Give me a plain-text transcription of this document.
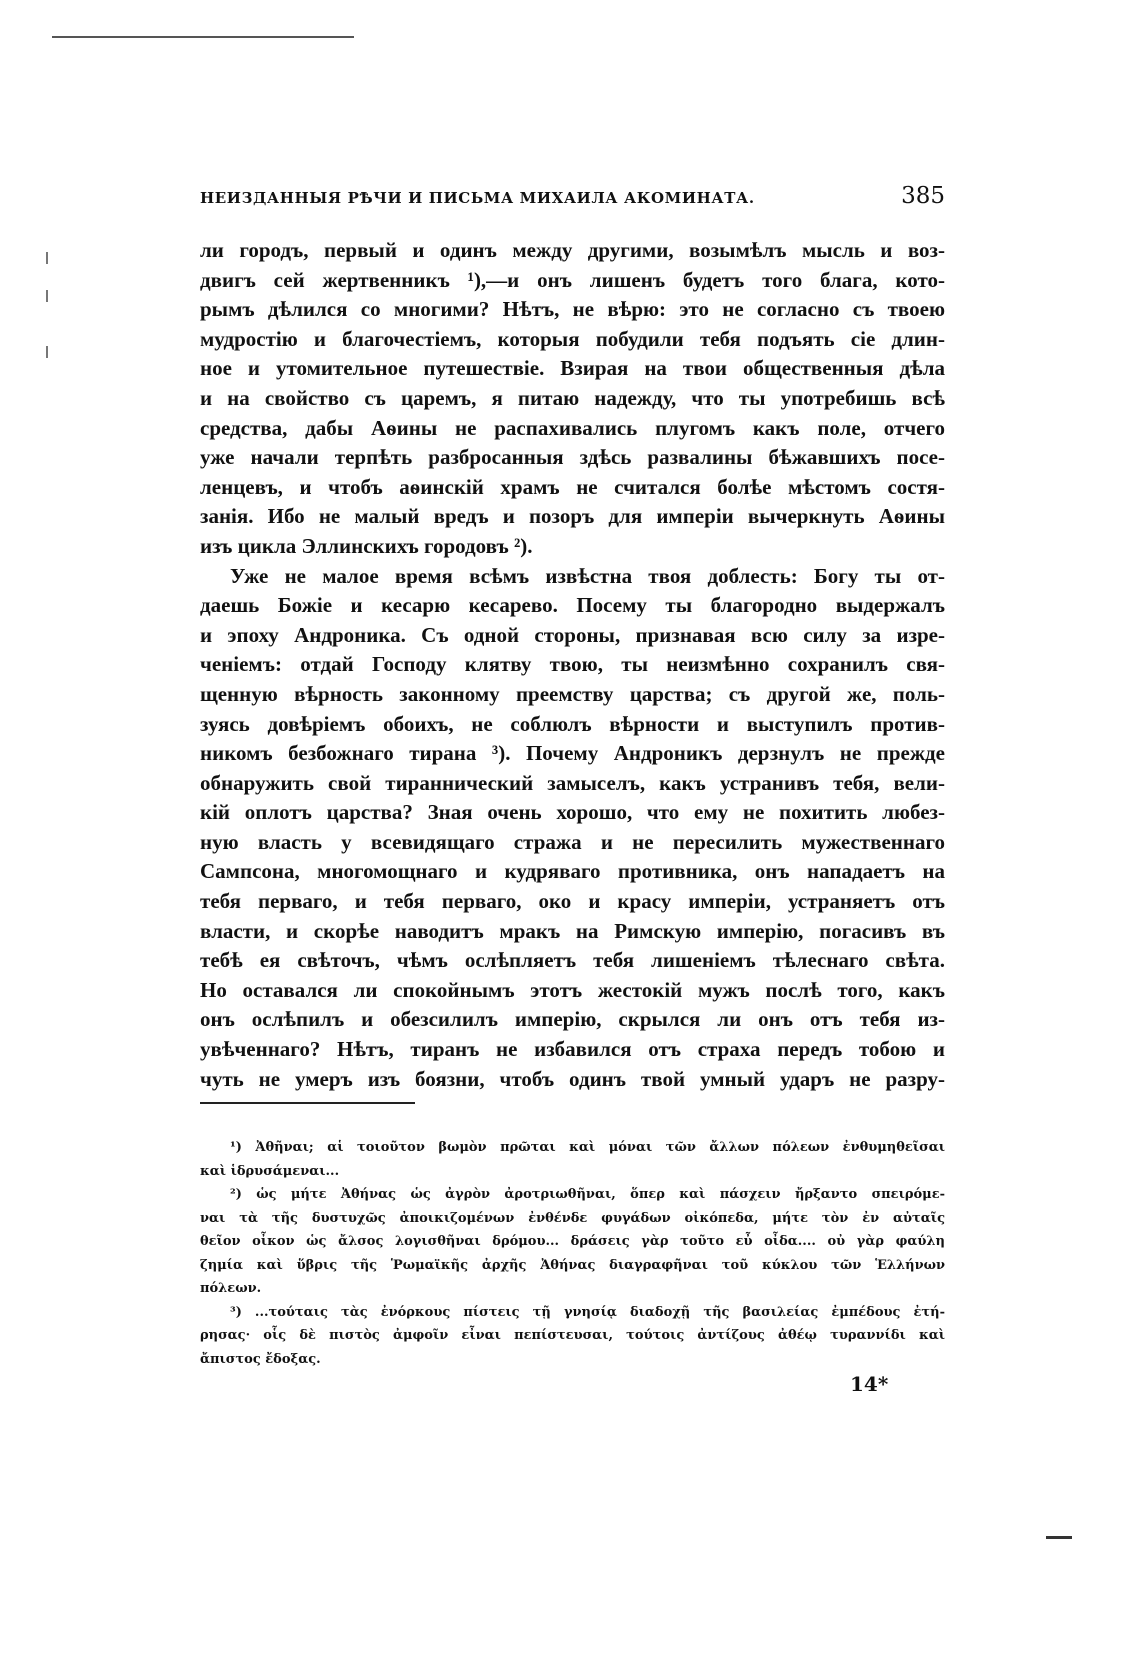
НЕИЗДАННЫЯ РѢЧИ И ПИСЬМА МИХАИЛА АКОМИНАТА.	385
ли городъ, первый и одинъ между другими, возымѣлъ мысль и воз-
двигъ сей жертвенникъ ¹),—и онъ лишенъ будетъ того блага, кото-
рымъ дѣлился со многими? Нѣтъ, не вѣрю: это не согласно съ твоею
мудростію и благочестіемъ, которыя побудили тебя подъять сіе длин-
ное и утомительное путешествіе. Взирая на твои общественныя дѣла
и на свойство съ царемъ, я питаю надежду, что ты употребишь всѣ
средства, дабы Аѳины не распахивались плугомъ какъ поле, отчего
уже начали терпѣть разбросанныя здѣсь развалины бѣжавшихъ посе-
ленцевъ, и чтобъ аѳинскій храмъ не считался болѣе мѣстомъ состя-
занія. Ибо не малый вредъ и позоръ для имперіи вычеркнуть Аѳины
изъ цикла Эллинскихъ городовъ ²).
Уже не малое время всѣмъ извѣстна твоя доблесть: Богу ты от-
даешь Божіе и кесарю кесарево. Посему ты благородно выдержалъ
и эпоху Андроника. Съ одной стороны, признавая всю силу за изре-
ченіемъ: отдай Господу клятву твою, ты неизмѣнно сохранилъ свя-
щенную вѣрность законному преемству царства; съ другой же, поль-
зуясь довѣріемъ обоихъ, не соблюлъ вѣрности и выступилъ против-
никомъ безбожнаго тирана ³). Почему Андроникъ дерзнулъ не прежде
обнаружить свой тираннический замыселъ, какъ устранивъ тебя, вели-
кій оплотъ царства? Зная очень хорошо, что ему не похитить любез-
ную власть у всевидящаго стража и не пересилить мужественнаго
Сампсона, многомощнаго и кудряваго противника, онъ нападаетъ на
тебя перваго, и тебя перваго, око и красу имперіи, устраняетъ отъ
власти, и скорѣе наводитъ мракъ на Римскую имперію, погасивъ въ
тебѣ ея свѣточъ, чѣмъ ослѣпляетъ тебя лишеніемъ тѣлеснаго свѣта.
Но оставался ли спокойнымъ этотъ жестокій мужъ послѣ того, какъ
онъ ослѣпилъ и обезсилилъ имперію, скрылся ли онъ отъ тебя из-
увѣченнаго? Нѣтъ, тиранъ не избавился отъ страха передъ тобою и
чуть не умеръ изъ боязни, чтобъ одинъ твой умный ударъ не разру-
¹) Ἀθῆναι; αἱ τοιοῦτον βωμὸν πρῶται καὶ μόναι τῶν ἄλλων πόλεων ἐνθυμηθεῖσαι
καὶ ἱδρυσάμεναι...
²) ὡς μήτε Ἀθήνας ὡς ἀγρὸν ἀροτριωθῆναι, ὅπερ καὶ πάσχειν ἤρξαντο σπειρόμε-
ναι τὰ τῆς δυστυχῶς ἀποικιζομένων ἐνθένδε φυγάδων οἰκόπεδα, μήτε τὸν ἐν αὐταῖς
θεῖον οἶκον ὡς ἄλσος λογισθῆναι δρόμου... δράσεις γὰρ τοῦτο εὖ οἶδα.... οὐ γὰρ φαύλη
ζημία καὶ ὕβρις τῆς Ῥωμαϊκῆς ἀρχῆς Ἀθήνας διαγραφῆναι τοῦ κύκλου τῶν Ἑλλήνων
πόλεων.
³) ...τούταις τὰς ἐνόρκους πίστεις τῇ γνησίᾳ διαδοχῇ τῆς βασιλείας ἐμπέδους ἐτή-
ρησας· οἷς δὲ πιστὸς ἀμφοῖν εἶναι πεπίστευσαι, τούτοις ἀντίζους ἀθέῳ τυραννίδι καὶ
ἄπιστος ἔδοξας.
14*
